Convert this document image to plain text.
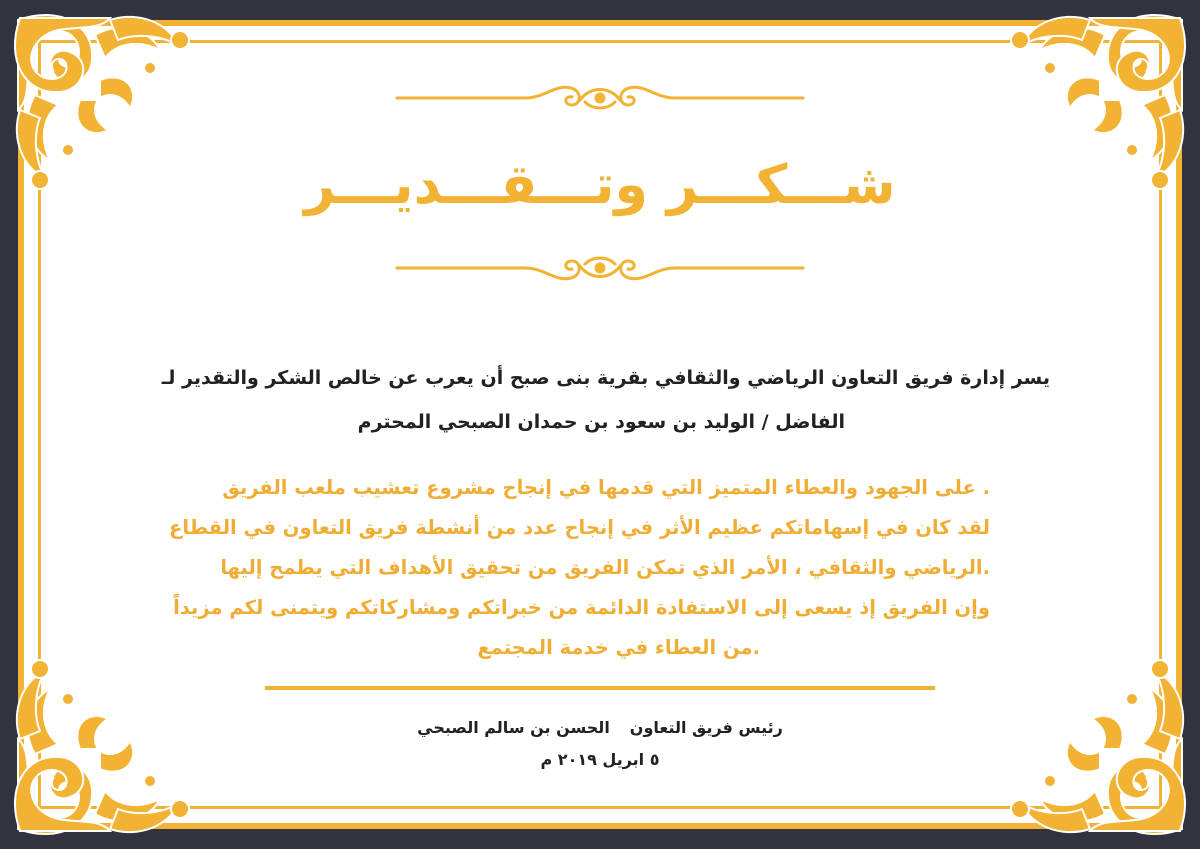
شـــكـــر وتـــقـــديـــر
يسر إدارة فريق التعاون الرياضي والثقافي بقرية بنى صبح أن يعرب عن خالص الشكر والتقدير لـ
الفاضل / الوليد بن سعود بن حمدان الصبحي المحترم
. على الجهود والعطاء المتميز التي قدمها في إنجاح مشروع تعشيب ملعب الفريق
لقد كان في إسهاماتكم عظيم الأثر في إنجاح عدد من أنشطة فريق التعاون في القطاع
.الرياضي والثقافي ، الأمر الذي تمكن الفريق من تحقيق الأهداف التي يطمح إليها
وإن الفريق إذ يسعى إلى الاستفادة الدائمة من خبراتكم ومشاركاتكم ويتمنى لكم مزيداً
.من العطاء في خدمة المجتمع
رئيس فريق التعاونالحسن بن سالم الصبحي
٥ ابريل ٢٠١٩ م
